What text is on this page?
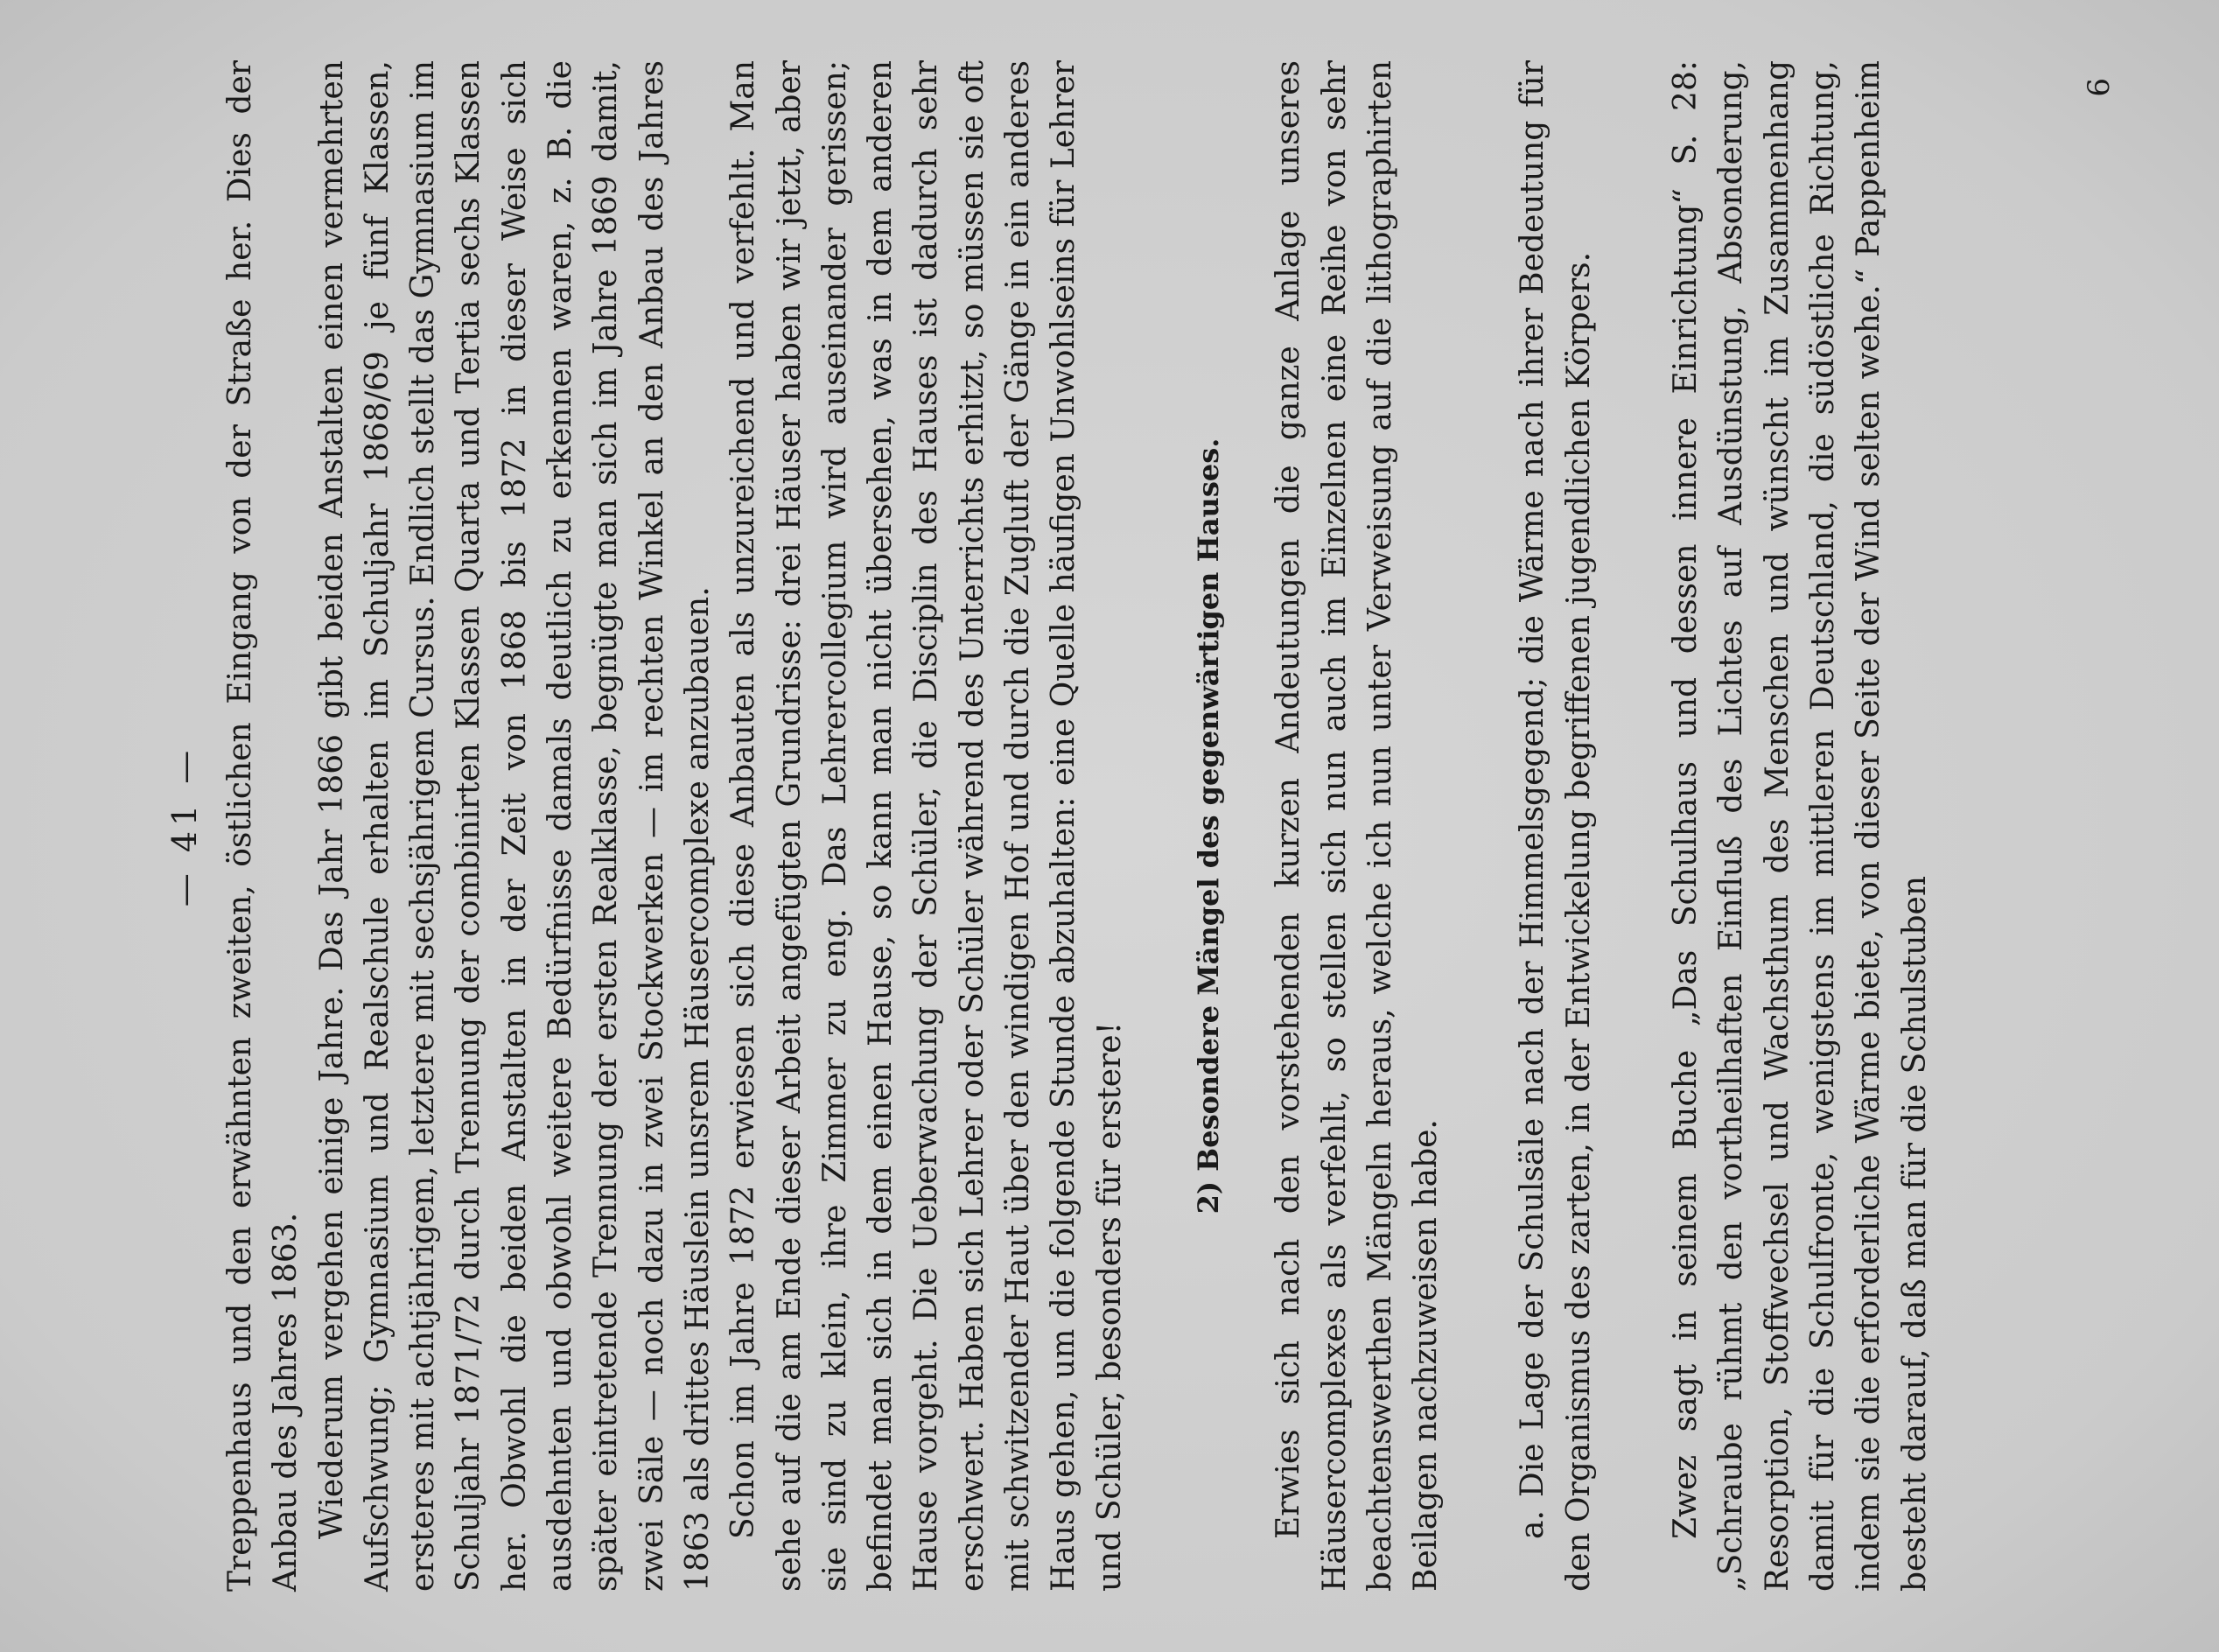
— 41 — Treppenhaus und den erwähnten zweiten, östlichen Eingang von der Straße her. Dies der Anbau des Jahres 1863. Wiederum vergehen einige Jahre. Das Jahr 1866 gibt beiden Anstalten einen vermehrten Aufschwung; Gymnasium und Realschule erhalten im Schuljahr 1868/69 je fünf Klassen, ersteres mit achtjährigem, letztere mit sechsjährigem Cursus. Endlich stellt das Gymnasium im Schuljahr 1871/72 durch Trennung der combinirten Klassen Quarta und Tertia sechs Klassen her. Obwohl die beiden Anstalten in der Zeit von 1868 bis 1872 in dieser Weise sich ausdehnten und obwohl weitere Bedürfnisse damals deutlich zu erkennen waren, z. B. die später eintretende Trennung der ersten Realklasse, begnügte man sich im Jahre 1869 damit, zwei Säle — noch dazu in zwei Stockwerken — im rechten Winkel an den Anbau des Jahres 1863 als drittes Häuslein unsrem Häusercomplexe anzubauen. Schon im Jahre 1872 erwiesen sich diese Anbauten als unzureichend und verfehlt. Man sehe auf die am Ende dieser Arbeit angefügten Grundrisse: drei Häuser haben wir jetzt, aber sie sind zu klein, ihre Zimmer zu eng. Das Lehrercollegium wird auseinander gerissen; befindet man sich in dem einen Hause, so kann man nicht übersehen, was in dem anderen Hause vorgeht. Die Ueberwachung der Schüler, die Disciplin des Hauses ist dadurch sehr erschwert. Haben sich Lehrer oder Schüler während des Unterrichts erhitzt, so müssen sie oft mit schwitzender Haut über den windigen Hof und durch die Zugluft der Gänge in ein anderes Haus gehen, um die folgende Stunde abzuhalten: eine Quelle häufigen Unwohlseins für Lehrer und Schüler, besonders für erstere!

2) Besondere Mängel des gegenwärtigen Hauses. Erwies sich nach den vorstehenden kurzen Andeutungen die ganze Anlage unseres Häusercomplexes als verfehlt, so stellen sich nun auch im Einzelnen eine Reihe von sehr beachtenswerthen Mängeln heraus, welche ich nun unter Verweisung auf die lithographirten Beilagen nachzuweisen habe. a. Die Lage der Schulsäle nach der Himmelsgegend; die Wärme nach ihrer Bedeutung für den Organismus des zarten, in der Entwickelung begriffenen jugendlichen Körpers. Zwez sagt in seinem Buche „Das Schulhaus und dessen innere Einrichtung“ S. 28: „Schraube rühmt den vortheilhaften Einfluß des Lichtes auf Ausdünstung, Absonderung, Resorption, Stoffwechsel und Wachsthum des Menschen und wünscht im Zusammenhang damit für die Schulfronte, wenigstens im mittleren Deutschland, die südöstliche Richtung, indem sie die erforderliche Wärme biete, von dieser Seite der Wind selten wehe.“ Pappenheim besteht darauf, daß man für die Schulstuben

6
